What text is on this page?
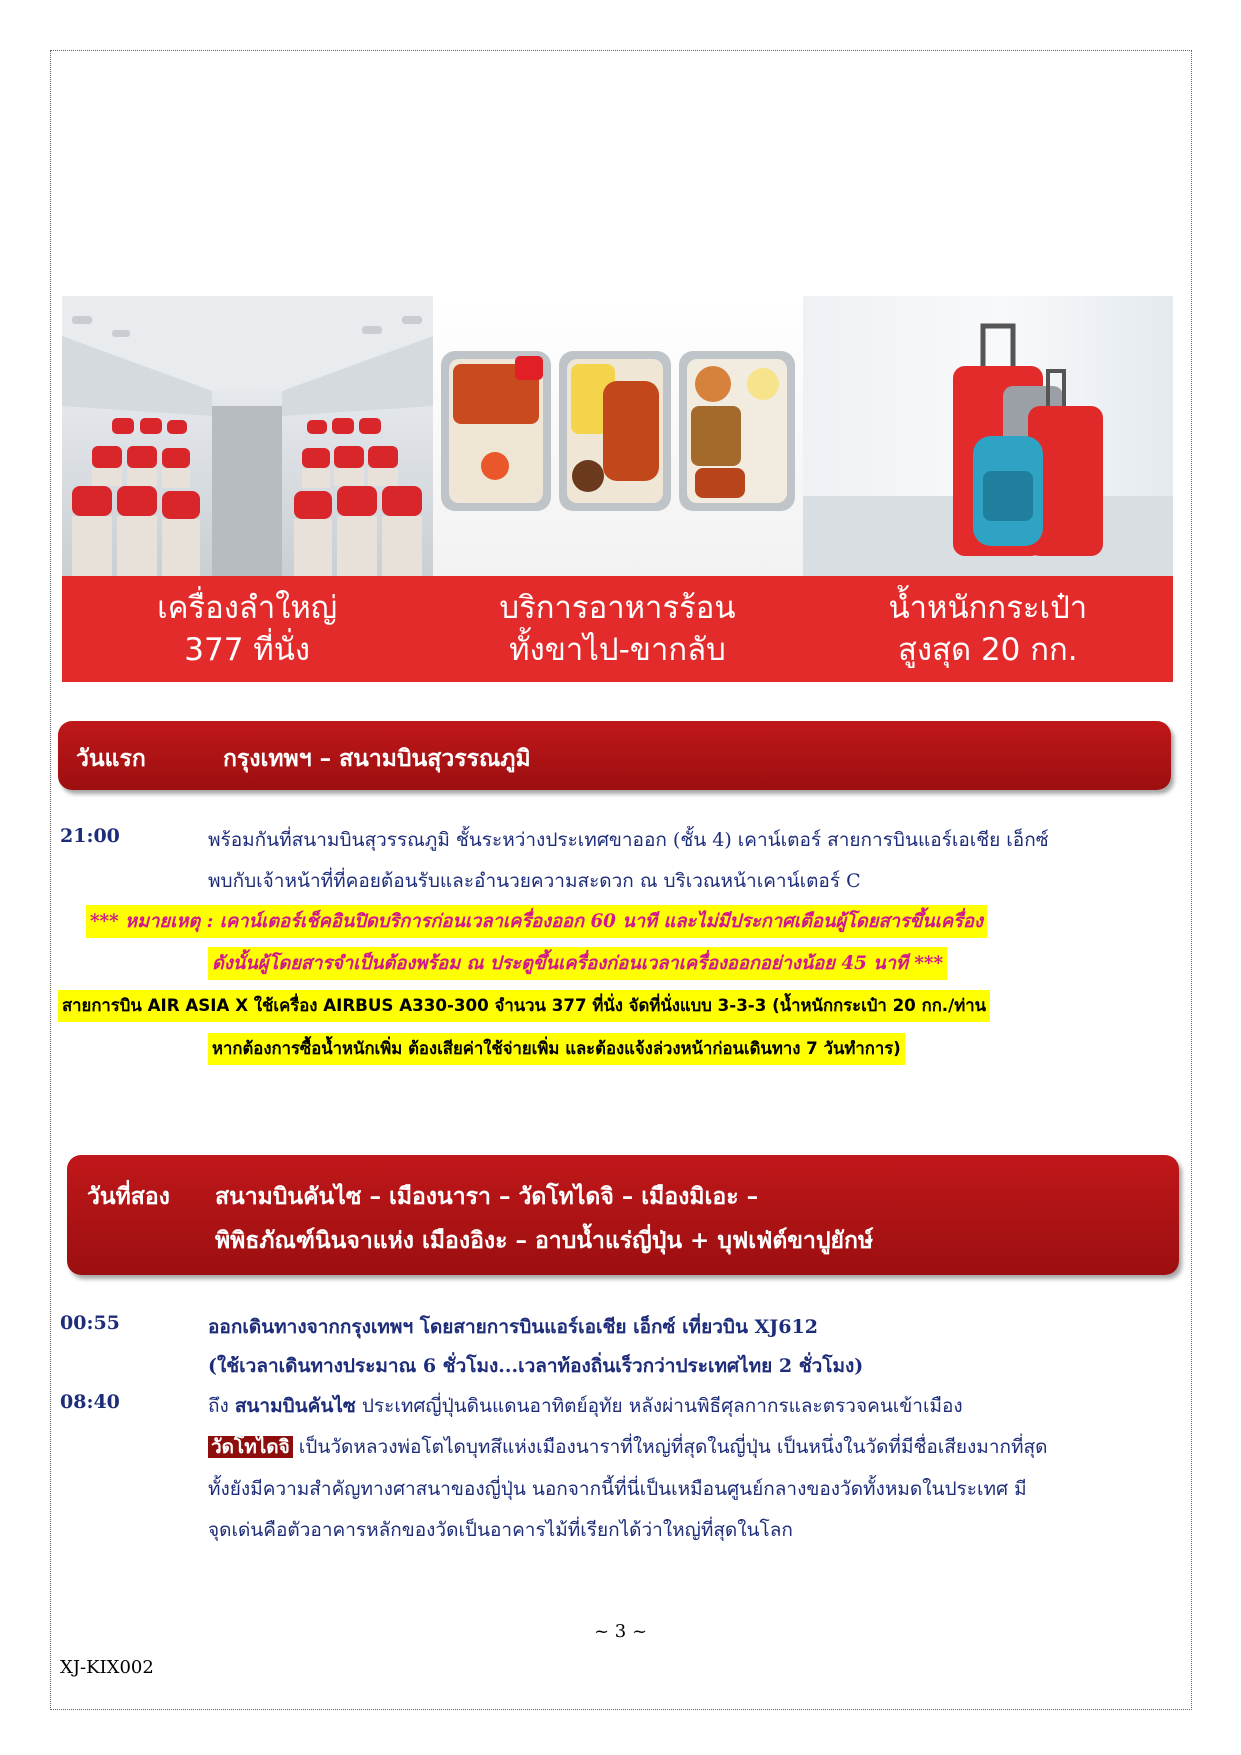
เครื่องลำใหญ่
377 ที่นั่ง
บริการอาหารร้อน
ทั้งขาไป-ขากลับ
น้ำหนักกระเป๋า
สูงสุด 20 กก.
วันแรก	กรุงเทพฯ – สนามบินสุวรรณภูมิ
21:00	พร้อมกันที่สนามบินสุวรรณภูมิ ชั้นระหว่างประเทศขาออก (ชั้น 4) เคาน์เตอร์ สายการบินแอร์เอเชีย เอ็กซ์
พบกับเจ้าหน้าที่ที่คอยต้อนรับและอำนวยความสะดวก ณ บริเวณหน้าเคาน์เตอร์ C
*** หมายเหตุ : เคาน์เตอร์เช็คอินปิดบริการก่อนเวลาเครื่องออก 60 นาที และไม่มีประกาศเตือนผู้โดยสารขึ้นเครื่อง
ดังนั้นผู้โดยสารจำเป็นต้องพร้อม ณ ประตูขึ้นเครื่องก่อนเวลาเครื่องออกอย่างน้อย 45 นาที ***
สายการบิน AIR ASIA X ใช้เครื่อง AIRBUS A330-300 จำนวน 377 ที่นั่ง จัดที่นั่งแบบ 3-3-3 (น้ำหนักกระเป๋า 20 กก./ท่าน
หากต้องการซื้อน้ำหนักเพิ่ม ต้องเสียค่าใช้จ่ายเพิ่ม และต้องแจ้งล่วงหน้าก่อนเดินทาง 7 วันทำการ)
วันที่สอง สนามบินคันไซ – เมืองนารา – วัดโทไดจิ – เมืองมิเอะ –
พิพิธภัณฑ์นินจาแห่ง เมืองอิงะ – อาบน้ำแร่ญี่ปุ่น + บุฟเฟ่ต์ขาปูยักษ์
00:55	ออกเดินทางจากกรุงเทพฯ โดยสายการบินแอร์เอเชีย เอ็กซ์ เที่ยวบิน XJ612
(ใช้เวลาเดินทางประมาณ 6 ชั่วโมง...เวลาท้องถิ่นเร็วกว่าประเทศไทย 2 ชั่วโมง)
08:40	ถึง สนามบินคันไซ ประเทศญี่ปุ่นดินแดนอาทิตย์อุทัย หลังผ่านพิธีศุลกากรและตรวจคนเข้าเมือง
วัดโทไดจิ เป็นวัดหลวงพ่อโตไดบุทสึแห่งเมืองนาราที่ใหญ่ที่สุดในญี่ปุ่น เป็นหนึ่งในวัดที่มีชื่อเสียงมากที่สุด
ทั้งยังมีความสำคัญทางศาสนาของญี่ปุ่น นอกจากนี้ที่นี่เป็นเหมือนศูนย์กลางของวัดทั้งหมดในประเทศ มี
จุดเด่นคือตัวอาคารหลักของวัดเป็นอาคารไม้ที่เรียกได้ว่าใหญ่ที่สุดในโลก
~ 3 ~
XJ-KIX002
